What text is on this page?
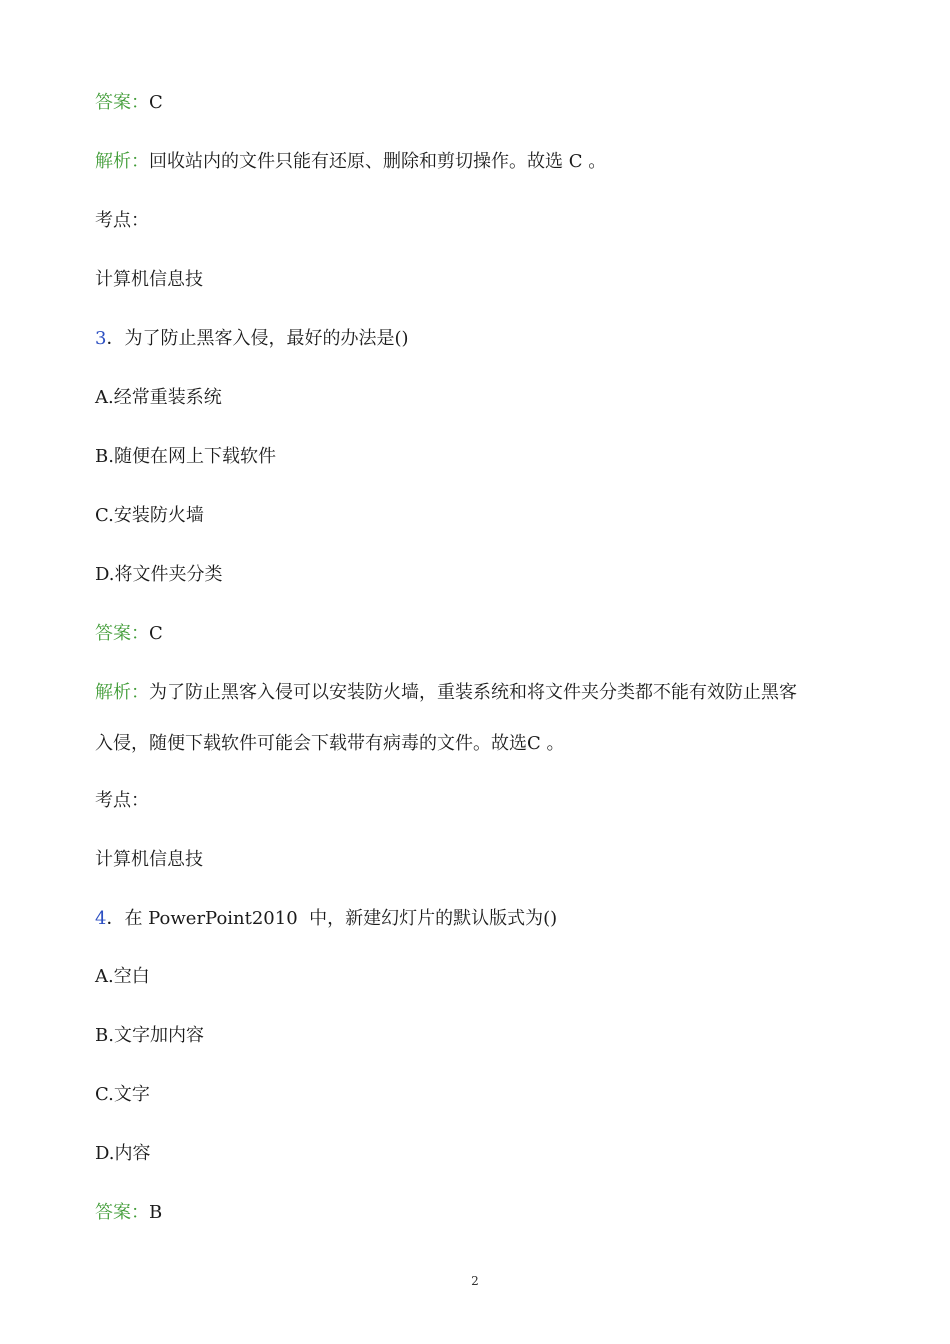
答案：C
解析：回收站内的文件只能有还原、删除和剪切操作。故选 C 。
考点：
计算机信息技
3．为了防止黑客入侵，最好的办法是()
A.经常重装系统
B.随便在网上下载软件
C.安装防火墙
D.将文件夹分类
答案：C
解析：为了防止黑客入侵可以安装防火墙，重装系统和将文件夹分类都不能有效防止黑客
入侵，随便下载软件可能会下载带有病毒的文件。故选C 。
考点：
计算机信息技
4．在 PowerPoint2010  中，新建幻灯片的默认版式为()
A.空白
B.文字加内容
C.文字
D.内容
答案：B
2
